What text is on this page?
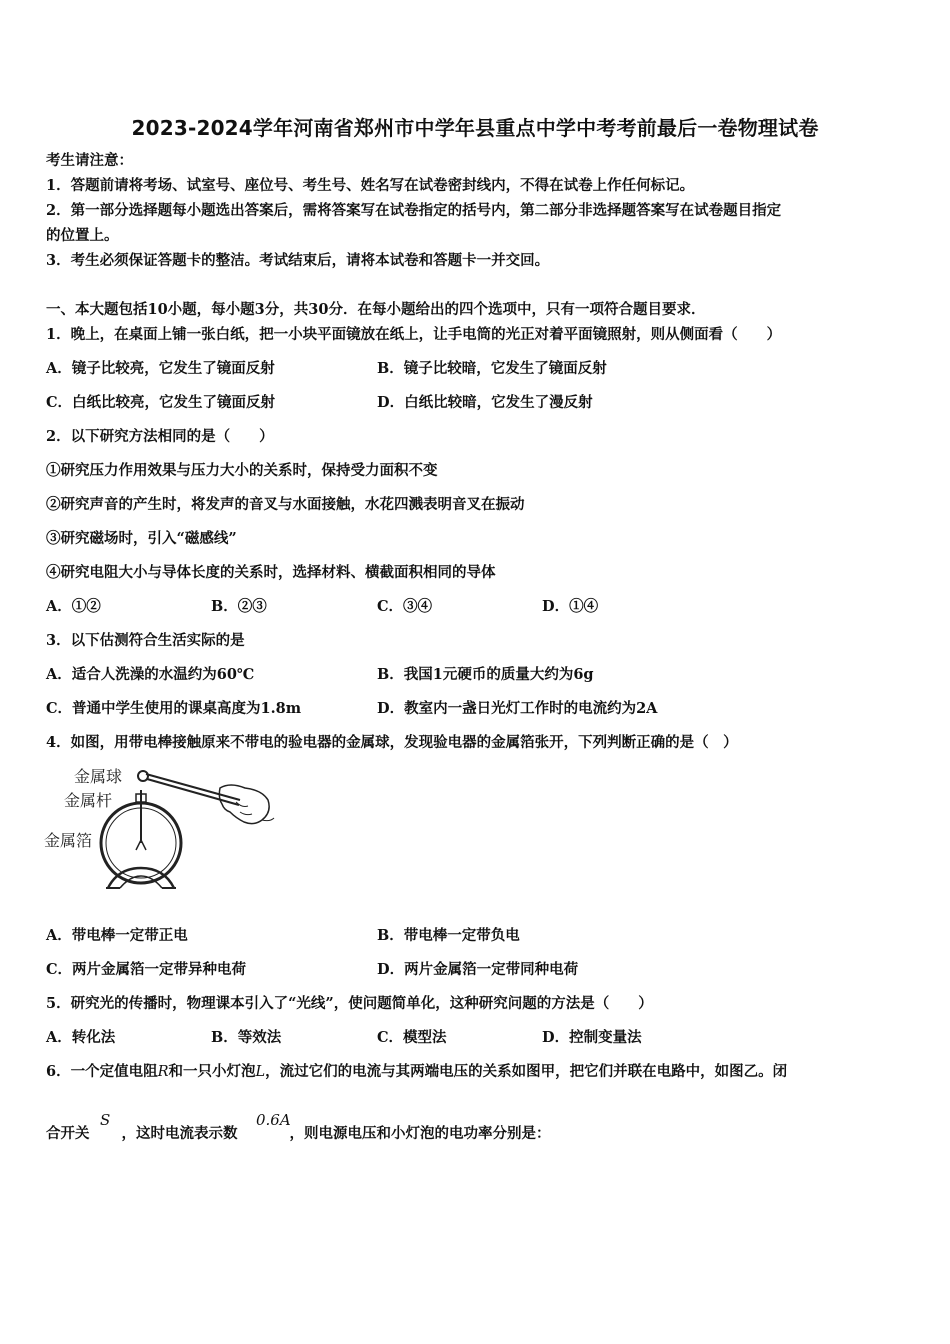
2023-2024学年河南省郑州市中学年县重点中学中考考前最后一卷物理试卷
考生请注意：
1．答题前请将考场、试室号、座位号、考生号、姓名写在试卷密封线内，不得在试卷上作任何标记。
2．第一部分选择题每小题选出答案后，需将答案写在试卷指定的括号内，第二部分非选择题答案写在试卷题目指定
的位置上。
3．考生必须保证答题卡的整洁。考试结束后，请将本试卷和答题卡一并交回。
一、本大题包括10小题，每小题3分，共30分．在每小题给出的四个选项中，只有一项符合题目要求．
1．晚上，在桌面上铺一张白纸，把一小块平面镜放在纸上，让手电筒的光正对着平面镜照射，则从侧面看（　　）
A．镜子比较亮，它发生了镜面反射	B．镜子比较暗，它发生了镜面反射
C．白纸比较亮，它发生了镜面反射	D．白纸比较暗，它发生了漫反射
2．以下研究方法相同的是（　　）
①研究压力作用效果与压力大小的关系时，保持受力面积不变
②研究声音的产生时，将发声的音叉与水面接触，水花四溅表明音叉在振动
③研究磁场时，引入“磁感线”
④研究电阻大小与导体长度的关系时，选择材料、横截面积相同的导体
A．①②	B．②③	C．③④	D．①④
3．以下估测符合生活实际的是
A．适合人洗澡的水温约为60℃	B．我国1元硬币的质量大约为6g
C．普通中学生使用的课桌高度为1.8m	D．教室内一盏日光灯工作时的电流约为2A
4．如图，用带电棒接触原来不带电的验电器的金属球，发现验电器的金属箔张开，下列判断正确的是（　）
金属球
金属杆
金属箔
A．带电棒一定带正电	B．带电棒一定带负电
C．两片金属箔一定带异种电荷	D．两片金属箔一定带同种电荷
5．研究光的传播时，物理课本引入了“光线”，使问题简单化，这种研究问题的方法是（　　）
A．转化法	B．等效法	C．模型法	D．控制变量法
6．一个定值电阻R和一只小灯泡L，流过它们的电流与其两端电压的关系如图甲，把它们并联在电路中，如图乙。闭
合开关 ，这时电流表示数	，则电源电压和小灯泡的电功率分别是：
S	0.6A
